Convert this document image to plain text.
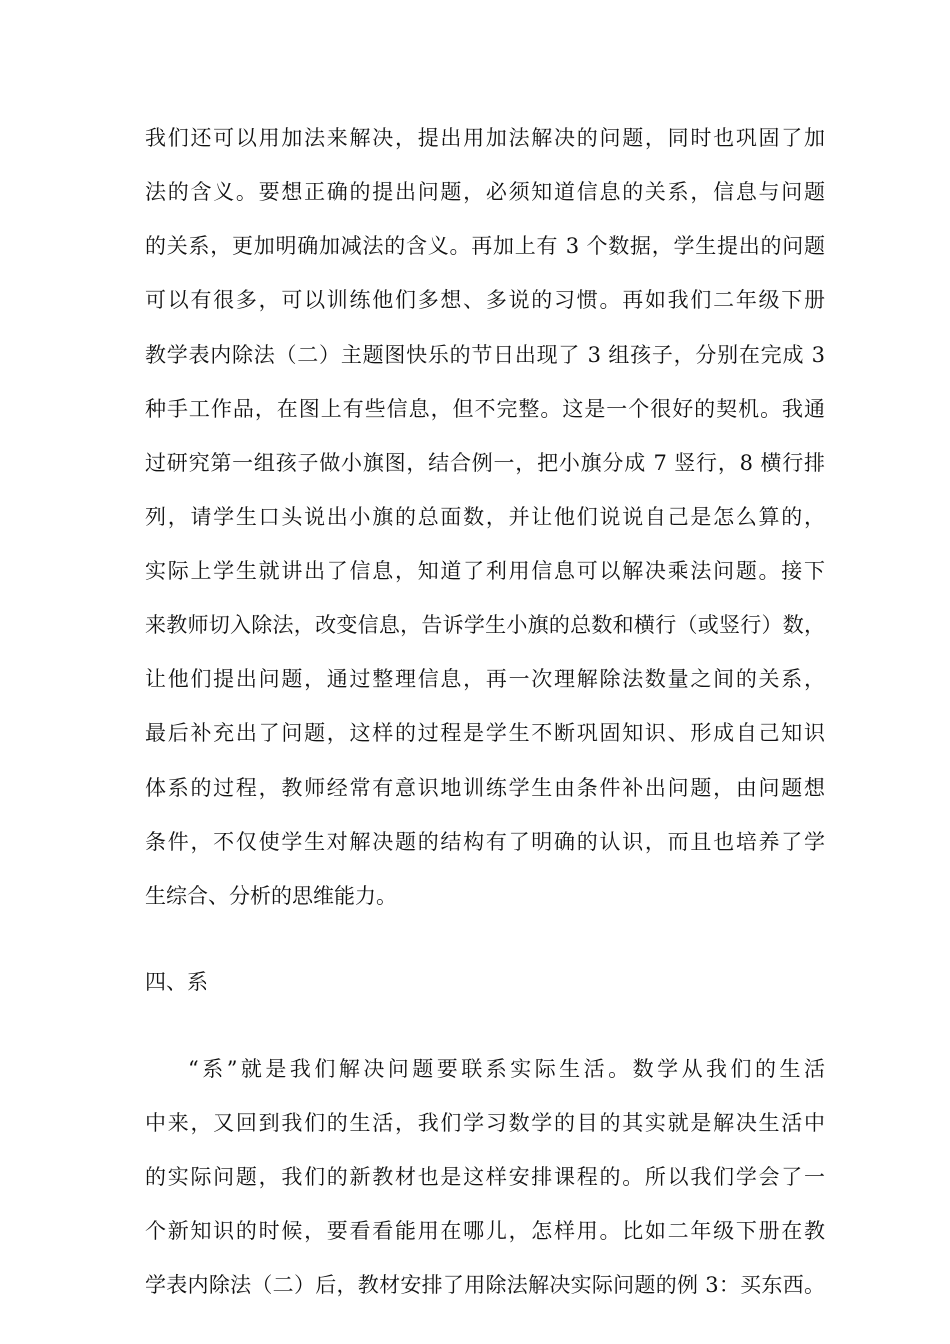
我们还可以用加法来解决，提出用加法解决的问题，同时也巩固了加
法的含义。要想正确的提出问题，必须知道信息的关系，信息与问题
的关系，更加明确加减法的含义。再加上有 3 个数据，学生提出的问题
可以有很多，可以训练他们多想、多说的习惯。再如我们二年级下册
教学表内除法（二）主题图快乐的节日出现了 3 组孩子，分别在完成 3
种手工作品，在图上有些信息，但不完整。这是一个很好的契机。我通
过研究第一组孩子做小旗图，结合例一，把小旗分成 7 竖行，8 横行排
列，请学生口头说出小旗的总面数，并让他们说说自己是怎么算的，
实际上学生就讲出了信息，知道了利用信息可以解决乘法问题。接下
来教师切入除法，改变信息，告诉学生小旗的总数和横行（或竖行）数，
让他们提出问题，通过整理信息，再一次理解除法数量之间的关系，
最后补充出了问题，这样的过程是学生不断巩固知识、形成自己知识
体系的过程，教师经常有意识地训练学生由条件补出问题，由问题想
条件，不仅使学生对解决题的结构有了明确的认识，而且也培养了学
生综合、分析的思维能力。
四、系
“系”就是我们解决问题要联系实际生活。数学从我们的生活
中来，又回到我们的生活，我们学习数学的目的其实就是解决生活中
的实际问题，我们的新教材也是这样安排课程的。所以我们学会了一
个新知识的时候，要看看能用在哪儿，怎样用。比如二年级下册在教
学表内除法（二）后，教材安排了用除法解决实际问题的例 3：买东西。
